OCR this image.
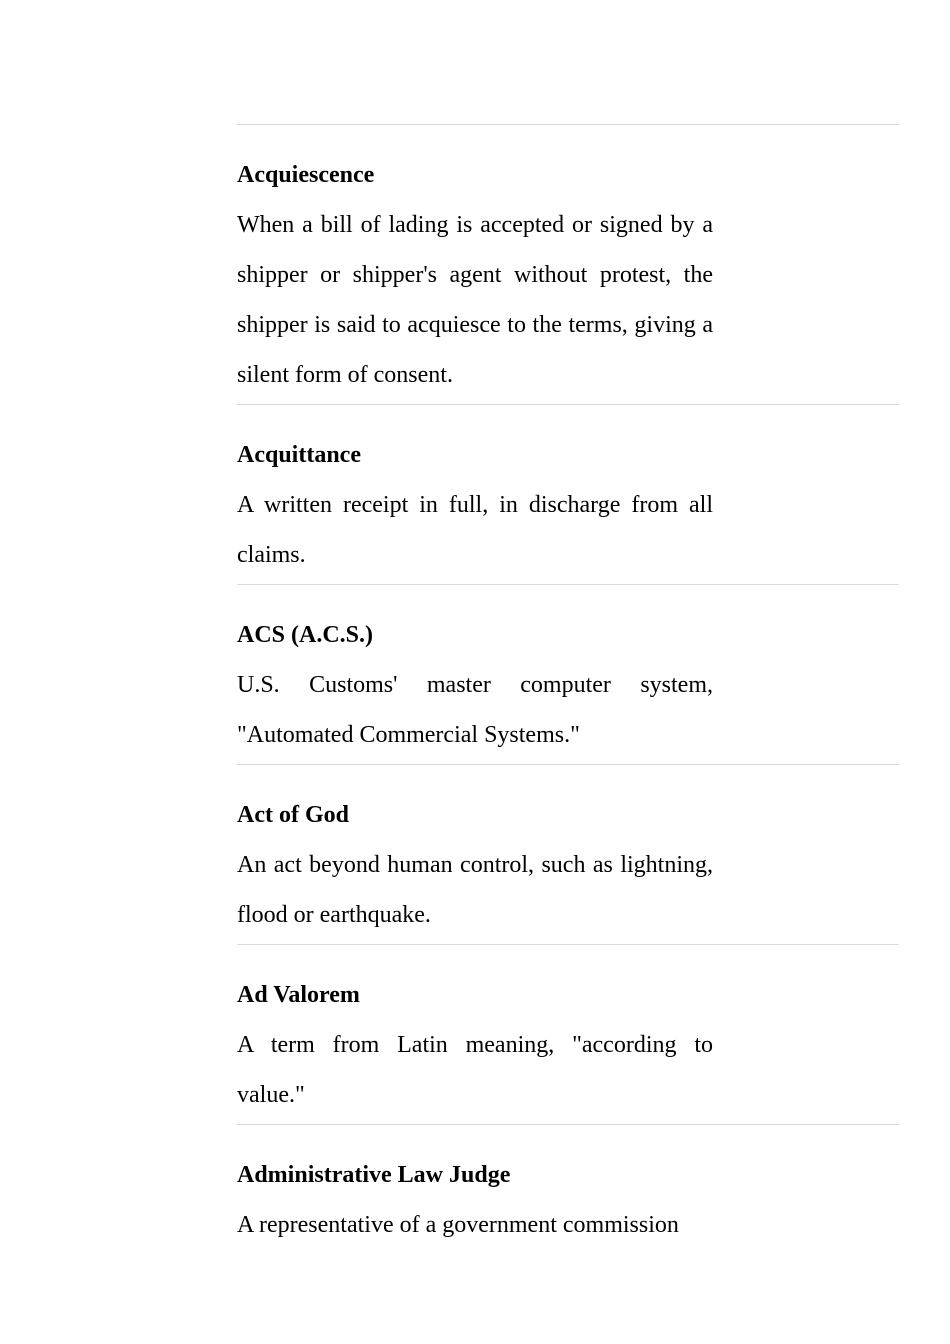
Acquiescence

When a bill of lading is accepted or signed by a shipper or shipper's agent without protest, the shipper is said to acquiesce to the terms, giving a silent form of consent.

Acquittance

A written receipt in full, in discharge from all claims.

ACS (A.C.S.)

U.S. Customs' master computer system, "Automated Commercial Systems."

Act of God

An act beyond human control, such as lightning, flood or earthquake.

Ad Valorem

A term from Latin meaning, "according to value."

Administrative Law Judge

A representative of a government commission
